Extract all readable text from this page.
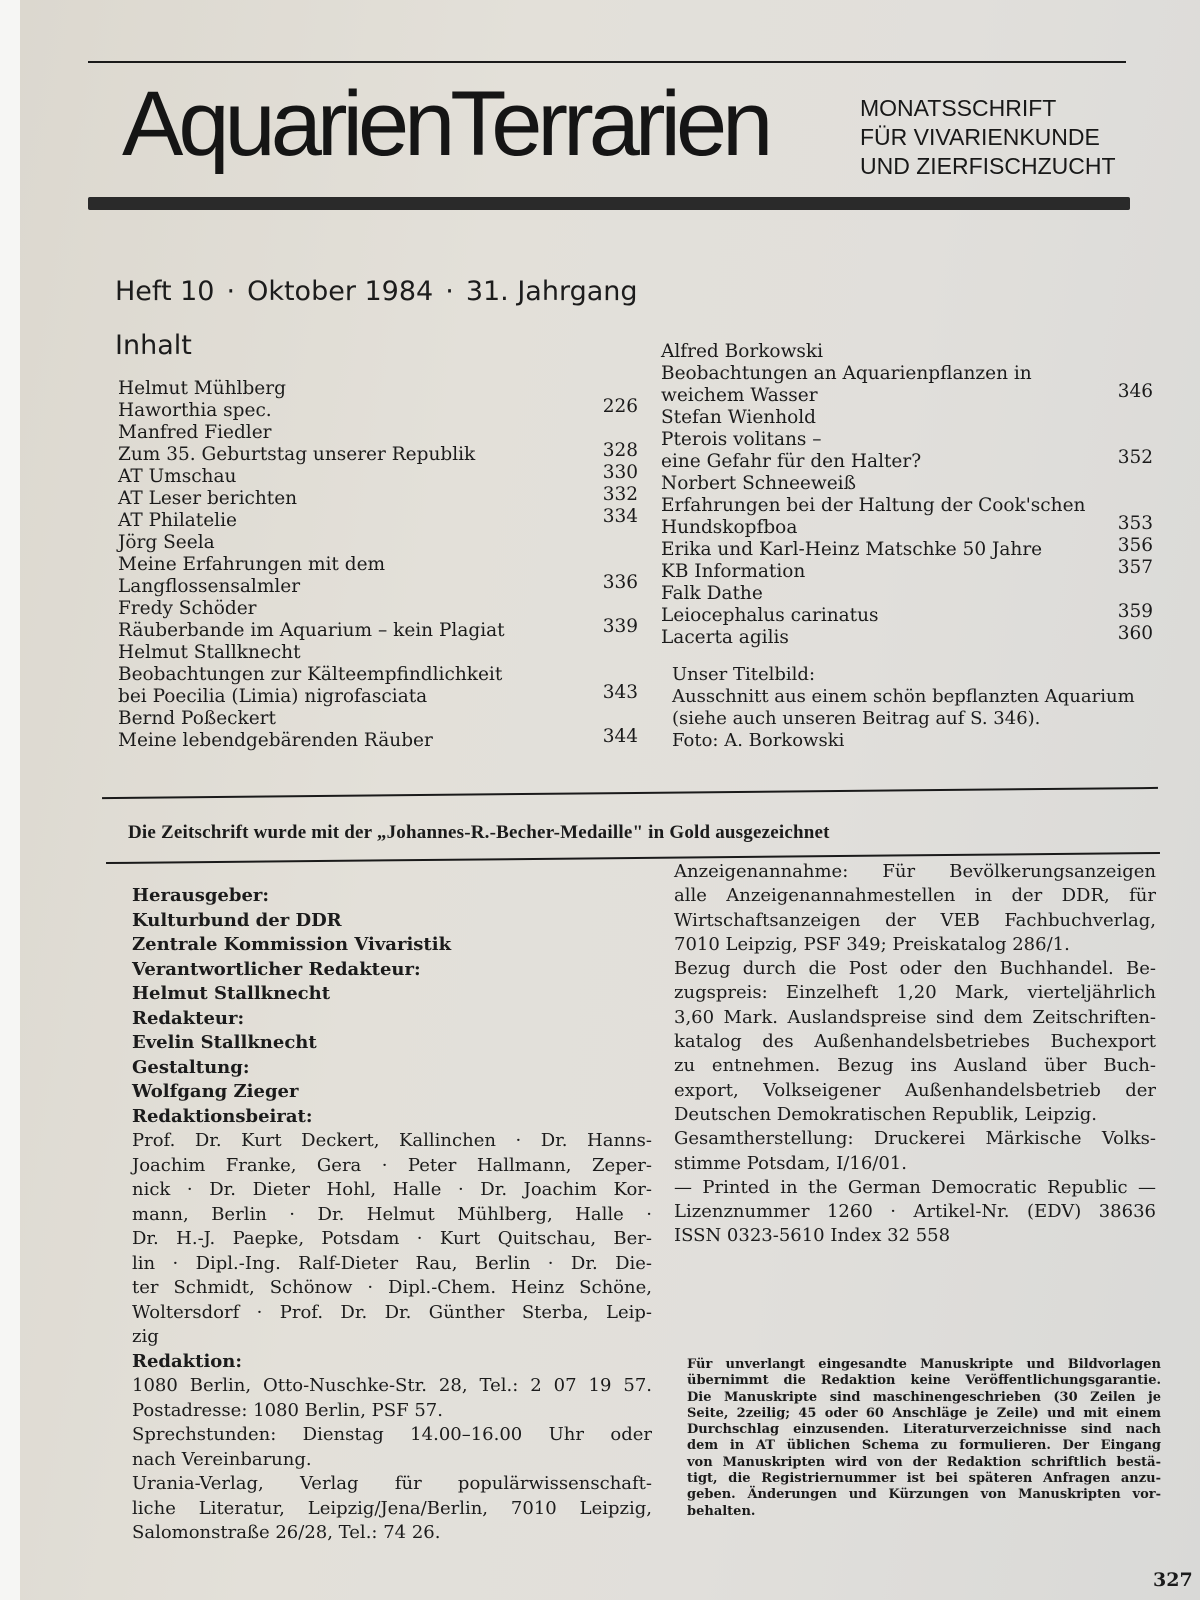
AquarienTerrarien	MONATSSCHRIFT
FÜR VIVARIENKUNDE
UND ZIERFISCHZUCHT
Heft 10 · Oktober 1984 · 31. Jahrgang
Inhalt
Helmut Mühlberg
Haworthia spec.	226
Manfred Fiedler
Zum 35. Geburtstag unserer Republik	328
AT Umschau	330
AT Leser berichten	332
AT Philatelie	334
Jörg Seela
Meine Erfahrungen mit dem
Langflossensalmler	336
Fredy Schöder
Räuberbande im Aquarium – kein Plagiat	339
Helmut Stallknecht
Beobachtungen zur Kälteempfindlichkeit
bei Poecilia (Limia) nigrofasciata	343
Bernd Poßeckert
Meine lebendgebärenden Räuber	344
Alfred Borkowski
Beobachtungen an Aquarienpflanzen in
weichem Wasser	346
Stefan Wienhold
Pterois volitans –
eine Gefahr für den Halter?	352
Norbert Schneeweiß
Erfahrungen bei der Haltung der Cook'schen
Hundskopfboa	353
Erika und Karl-Heinz Matschke 50 Jahre	356
KB Information	357
Falk Dathe
Leiocephalus carinatus	359
Lacerta agilis	360
Unser Titelbild:
Ausschnitt aus einem schön bepflanzten Aquarium
(siehe auch unseren Beitrag auf S. 346).
Foto: A. Borkowski
Die Zeitschrift wurde mit der „Johannes-R.-Becher-Medaille" in Gold ausgezeichnet
Herausgeber:
Kulturbund der DDR
Zentrale Kommission Vivaristik
Verantwortlicher Redakteur:
Helmut Stallknecht
Redakteur:
Evelin Stallknecht
Gestaltung:
Wolfgang Zieger
Redaktionsbeirat:
Prof. Dr. Kurt Deckert, Kallinchen · Dr. Hanns-
Joachim Franke, Gera · Peter Hallmann, Zeper-
nick · Dr. Dieter Hohl, Halle · Dr. Joachim Kor-
mann, Berlin · Dr. Helmut Mühlberg, Halle ·
Dr. H.-J. Paepke, Potsdam · Kurt Quitschau, Ber-
lin · Dipl.-Ing. Ralf-Dieter Rau, Berlin · Dr. Die-
ter Schmidt, Schönow · Dipl.-Chem. Heinz Schöne,
Woltersdorf · Prof. Dr. Dr. Günther Sterba, Leip-
zig
Redaktion:
1080 Berlin, Otto-Nuschke-Str. 28, Tel.: 2 07 19 57.
Postadresse: 1080 Berlin, PSF 57.
Sprechstunden: Dienstag 14.00–16.00 Uhr oder
nach Vereinbarung.
Urania-Verlag, Verlag für populärwissenschaft-
liche Literatur, Leipzig/Jena/Berlin, 7010 Leipzig,
Salomonstraße 26/28, Tel.: 74 26.
Anzeigenannahme: Für Bevölkerungsanzeigen
alle Anzeigenannahmestellen in der DDR, für
Wirtschaftsanzeigen der VEB Fachbuchverlag,
7010 Leipzig, PSF 349; Preiskatalog 286/1.
Bezug durch die Post oder den Buchhandel. Be-
zugspreis: Einzelheft 1,20 Mark, vierteljährlich
3,60 Mark. Auslandspreise sind dem Zeitschriften-
katalog des Außenhandelsbetriebes Buchexport
zu entnehmen. Bezug ins Ausland über Buch-
export, Volkseigener Außenhandelsbetrieb der
Deutschen Demokratischen Republik, Leipzig.
Gesamtherstellung: Druckerei Märkische Volks-
stimme Potsdam, I/16/01.
— Printed in the German Democratic Republic —
Lizenznummer 1260 · Artikel-Nr. (EDV) 38636
ISSN 0323-5610 Index 32 558
Für unverlangt eingesandte Manuskripte und Bildvorlagen
übernimmt die Redaktion keine Veröffentlichungsgarantie.
Die Manuskripte sind maschinengeschrieben (30 Zeilen je
Seite, 2zeilig; 45 oder 60 Anschläge je Zeile) und mit einem
Durchschlag einzusenden. Literaturverzeichnisse sind nach
dem in AT üblichen Schema zu formulieren. Der Eingang
von Manuskripten wird von der Redaktion schriftlich bestä-
tigt, die Registriernummer ist bei späteren Anfragen anzu-
geben. Änderungen und Kürzungen von Manuskripten vor-
behalten.
327
